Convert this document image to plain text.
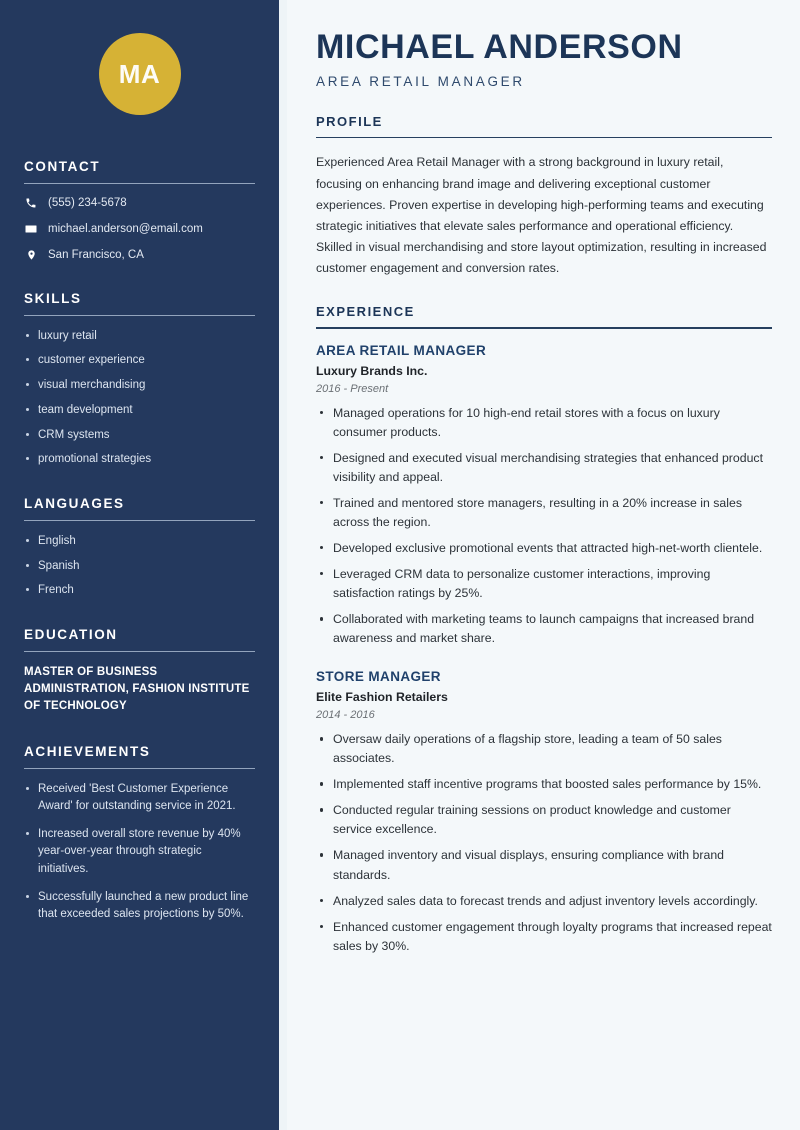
MA
CONTACT
(555) 234-5678
michael.anderson@email.com
San Francisco, CA
SKILLS
luxury retail
customer experience
visual merchandising
team development
CRM systems
promotional strategies
LANGUAGES
English
Spanish
French
EDUCATION
MASTER OF BUSINESS ADMINISTRATION, FASHION INSTITUTE OF TECHNOLOGY
ACHIEVEMENTS
Received 'Best Customer Experience Award' for outstanding service in 2021.
Increased overall store revenue by 40% year-over-year through strategic initiatives.
Successfully launched a new product line that exceeded sales projections by 50%.
MICHAEL ANDERSON
AREA RETAIL MANAGER
PROFILE

Experienced Area Retail Manager with a strong background in luxury retail, focusing on enhancing brand image and delivering exceptional customer experiences. Proven expertise in developing high-performing teams and executing strategic initiatives that elevate sales performance and operational efficiency. Skilled in visual merchandising and store layout optimization, resulting in increased customer engagement and conversion rates.

EXPERIENCE
AREA RETAIL MANAGER
Luxury Brands Inc.
2016 - Present
Managed operations for 10 high-end retail stores with a focus on luxury consumer products.
Designed and executed visual merchandising strategies that enhanced product visibility and appeal.
Trained and mentored store managers, resulting in a 20% increase in sales across the region.
Developed exclusive promotional events that attracted high-net-worth clientele.
Leveraged CRM data to personalize customer interactions, improving satisfaction ratings by 25%.
Collaborated with marketing teams to launch campaigns that increased brand awareness and market share.
STORE MANAGER
Elite Fashion Retailers
2014 - 2016
Oversaw daily operations of a flagship store, leading a team of 50 sales associates.
Implemented staff incentive programs that boosted sales performance by 15%.
Conducted regular training sessions on product knowledge and customer service excellence.
Managed inventory and visual displays, ensuring compliance with brand standards.
Analyzed sales data to forecast trends and adjust inventory levels accordingly.
Enhanced customer engagement through loyalty programs that increased repeat sales by 30%.
